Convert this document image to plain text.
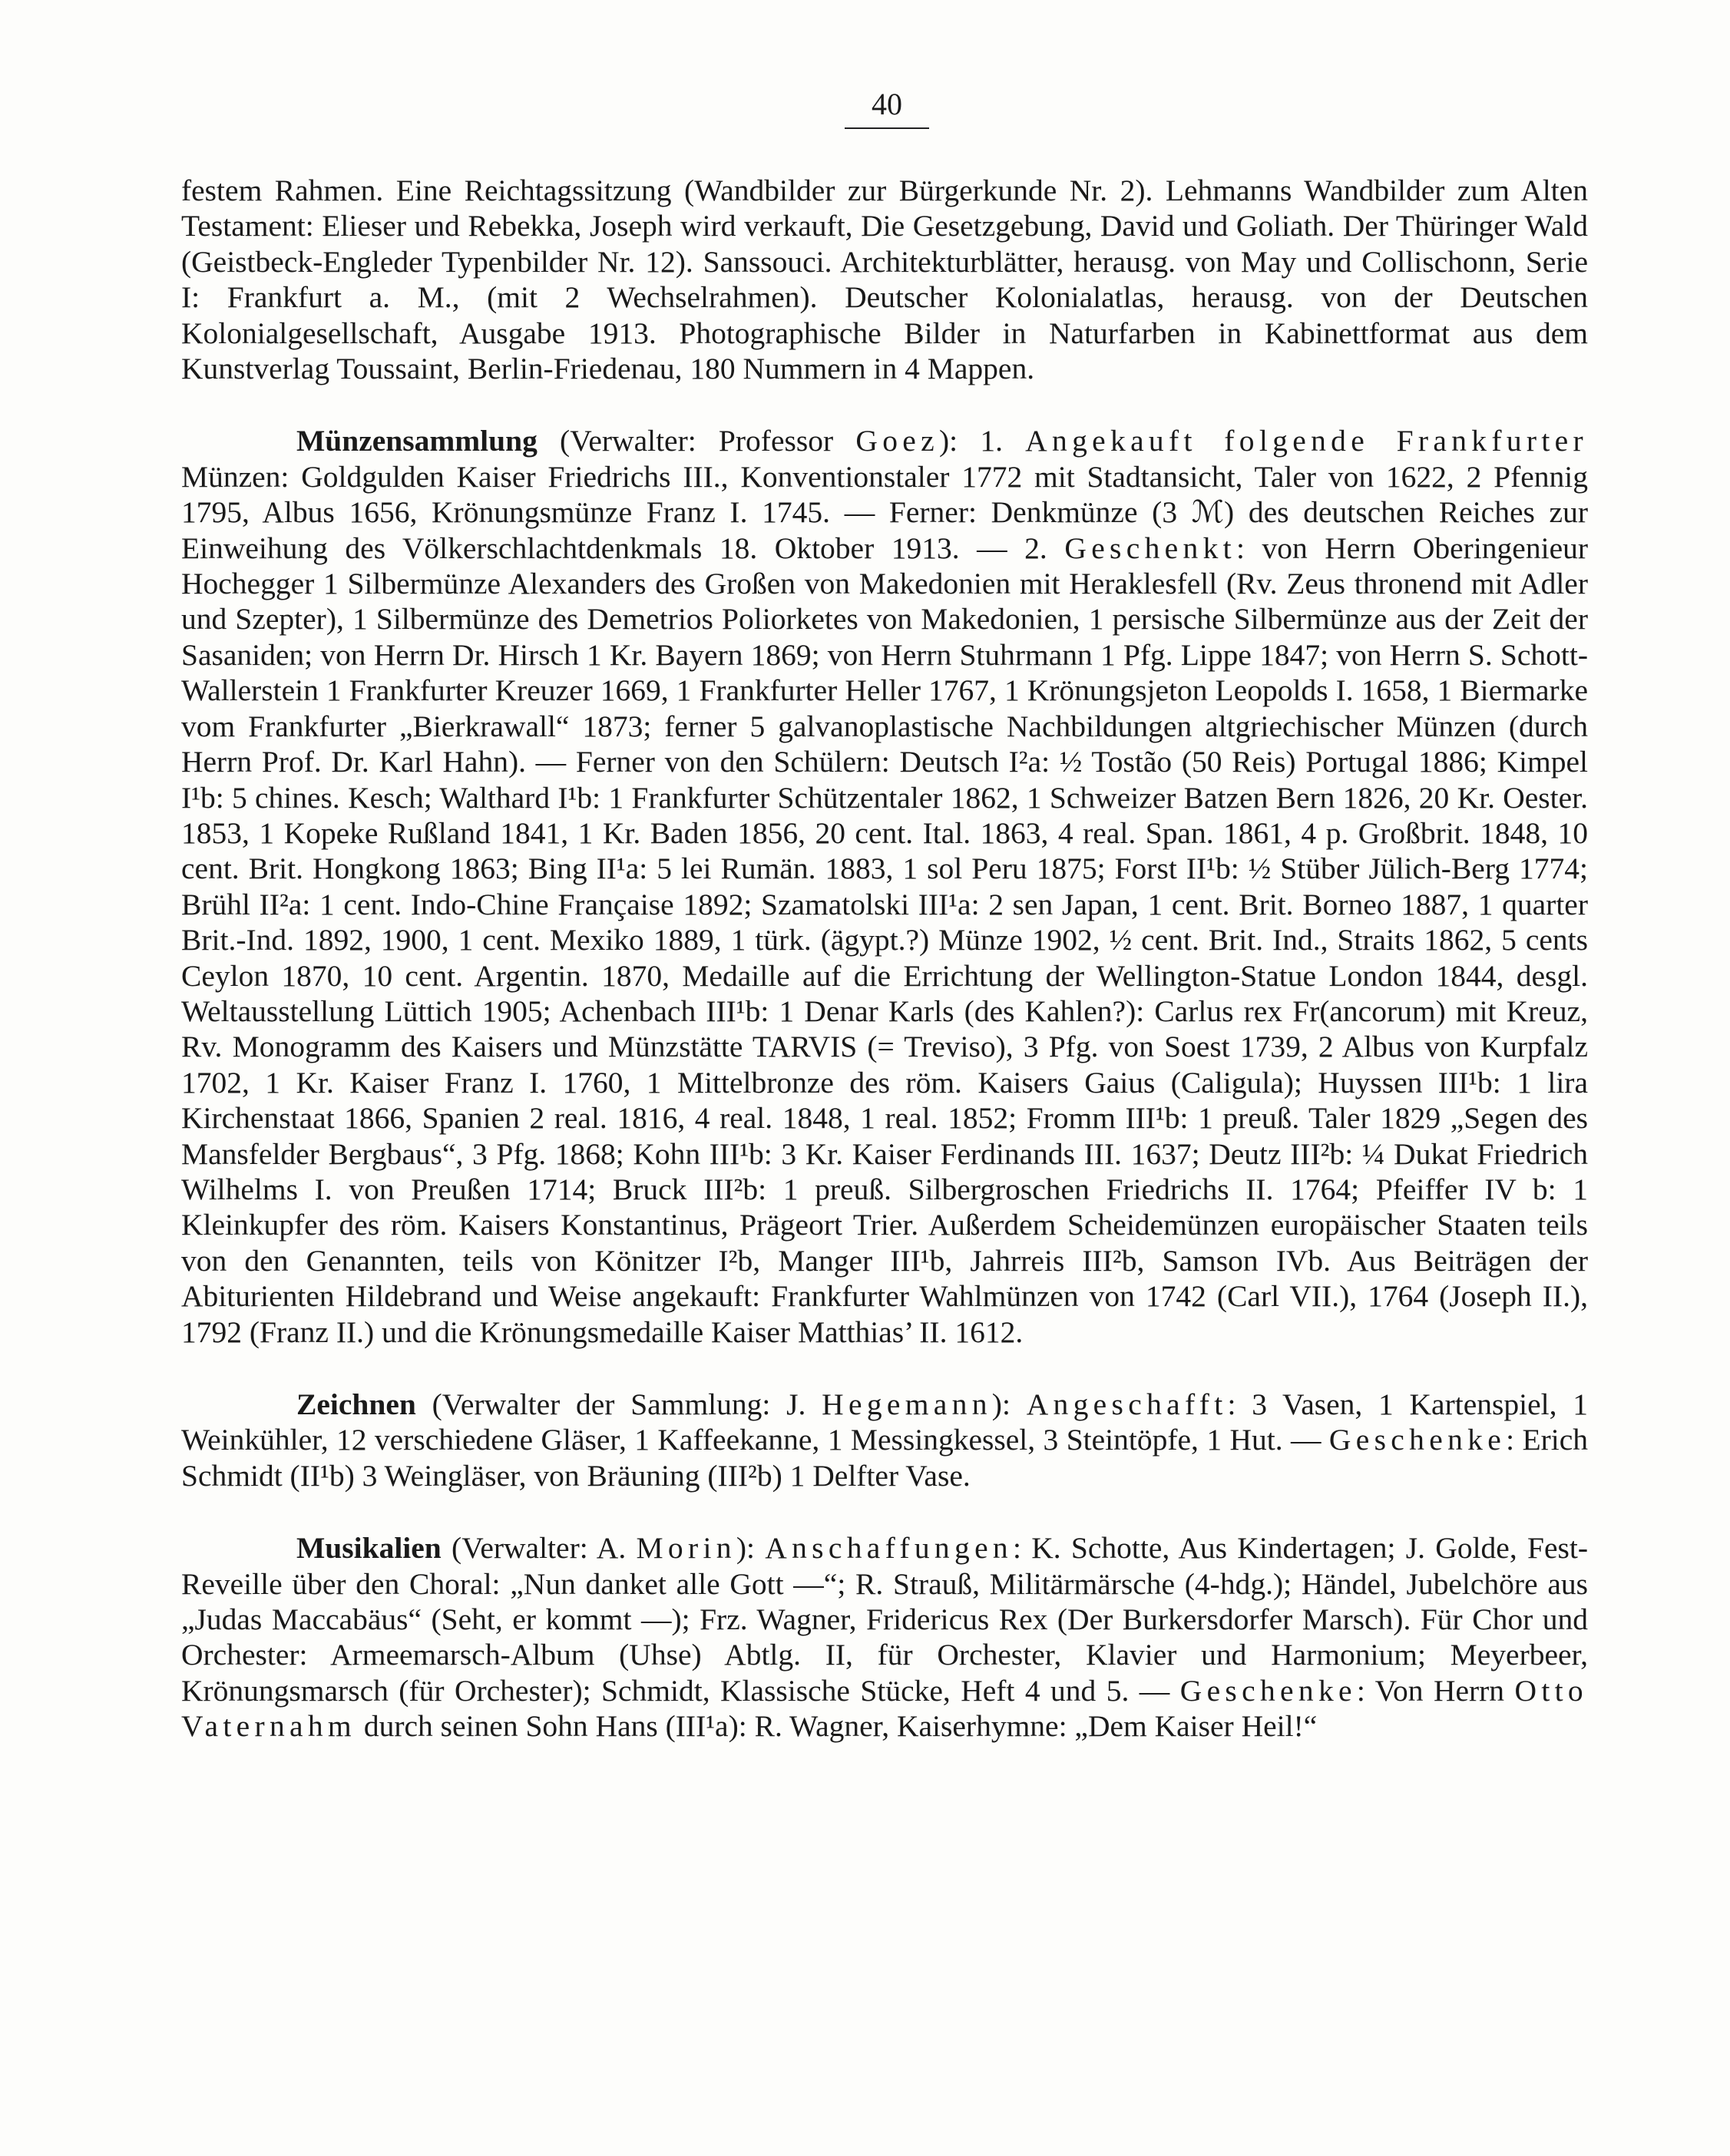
40

festem Rahmen. Eine Reichtagssitzung (Wandbilder zur Bürgerkunde Nr. 2). Lehmanns Wandbilder zum Alten Testament: Elieser und Rebekka, Joseph wird verkauft, Die Gesetzgebung, David und Goliath. Der Thüringer Wald (Geistbeck-Engleder Typenbilder Nr. 12). Sanssouci. Architekturblätter, herausg. von May und Collischonn, Serie I: Frankfurt a. M., (mit 2 Wechselrahmen). Deutscher Kolonialatlas, herausg. von der Deutschen Kolonialgesellschaft, Ausgabe 1913. Photographische Bilder in Naturfarben in Kabinettformat aus dem Kunstverlag Toussaint, Berlin-Friedenau, 180 Nummern in 4 Mappen.

Münzensammlung (Verwalter: Professor Goez): 1. Angekauft folgende Frankfurter Münzen: Goldgulden Kaiser Friedrichs III., Konventionstaler 1772 mit Stadtansicht, Taler von 1622, 2 Pfennig 1795, Albus 1656, Krönungsmünze Franz I. 1745. — Ferner: Denkmünze (3 ℳ) des deutschen Reiches zur Einweihung des Völkerschlachtdenkmals 18. Oktober 1913. — 2. Geschenkt: von Herrn Oberingenieur Hochegger 1 Silbermünze Alexanders des Großen von Makedonien mit Heraklesfell (Rv. Zeus thronend mit Adler und Szepter), 1 Silbermünze des Demetrios Poliorketes von Makedonien, 1 persische Silbermünze aus der Zeit der Sasaniden; von Herrn Dr. Hirsch 1 Kr. Bayern 1869; von Herrn Stuhrmann 1 Pfg. Lippe 1847; von Herrn S. Schott-Wallerstein 1 Frankfurter Kreuzer 1669, 1 Frankfurter Heller 1767, 1 Krönungsjeton Leopolds I. 1658, 1 Biermarke vom Frankfurter „Bierkrawall“ 1873; ferner 5 galvanoplastische Nachbildungen altgriechischer Münzen (durch Herrn Prof. Dr. Karl Hahn). — Ferner von den Schülern: Deutsch I²a: ½ Tostão (50 Reis) Portugal 1886; Kimpel I¹b: 5 chines. Kesch; Walthard I¹b: 1 Frankfurter Schützentaler 1862, 1 Schweizer Batzen Bern 1826, 20 Kr. Oester. 1853, 1 Kopeke Rußland 1841, 1 Kr. Baden 1856, 20 cent. Ital. 1863, 4 real. Span. 1861, 4 p. Großbrit. 1848, 10 cent. Brit. Hongkong 1863; Bing II¹a: 5 lei Rumän. 1883, 1 sol Peru 1875; Forst II¹b: ½ Stüber Jülich-Berg 1774; Brühl II²a: 1 cent. Indo-Chine Française 1892; Szamatolski III¹a: 2 sen Japan, 1 cent. Brit. Borneo 1887, 1 quarter Brit.-Ind. 1892, 1900, 1 cent. Mexiko 1889, 1 türk. (ägypt.?) Münze 1902, ½ cent. Brit. Ind., Straits 1862, 5 cents Ceylon 1870, 10 cent. Argentin. 1870, Medaille auf die Errichtung der Wellington-Statue London 1844, desgl. Weltausstellung Lüttich 1905; Achenbach III¹b: 1 Denar Karls (des Kahlen?): Carlus rex Fr(ancorum) mit Kreuz, Rv. Monogramm des Kaisers und Münzstätte TARVIS (= Treviso), 3 Pfg. von Soest 1739, 2 Albus von Kurpfalz 1702, 1 Kr. Kaiser Franz I. 1760, 1 Mittelbronze des röm. Kaisers Gaius (Caligula); Huyssen III¹b: 1 lira Kirchenstaat 1866, Spanien 2 real. 1816, 4 real. 1848, 1 real. 1852; Fromm III¹b: 1 preuß. Taler 1829 „Segen des Mansfelder Bergbaus“, 3 Pfg. 1868; Kohn III¹b: 3 Kr. Kaiser Ferdinands III. 1637; Deutz III²b: ¼ Dukat Friedrich Wilhelms I. von Preußen 1714; Bruck III²b: 1 preuß. Silbergroschen Friedrichs II. 1764; Pfeiffer IV b: 1 Kleinkupfer des röm. Kaisers Konstantinus, Prägeort Trier. Außerdem Scheidemünzen europäischer Staaten teils von den Genannten, teils von Könitzer I²b, Manger III¹b, Jahrreis III²b, Samson IVb. Aus Beiträgen der Abiturienten Hildebrand und Weise angekauft: Frankfurter Wahlmünzen von 1742 (Carl VII.), 1764 (Joseph II.), 1792 (Franz II.) und die Krönungsmedaille Kaiser Matthias’ II. 1612.

Zeichnen (Verwalter der Sammlung: J. Hegemann): Angeschafft: 3 Vasen, 1 Kartenspiel, 1 Weinkühler, 12 verschiedene Gläser, 1 Kaffeekanne, 1 Messingkessel, 3 Steintöpfe, 1 Hut. — Geschenke: Erich Schmidt (II¹b) 3 Weingläser, von Bräuning (III²b) 1 Delfter Vase.

Musikalien (Verwalter: A. Morin): Anschaffungen: K. Schotte, Aus Kindertagen; J. Golde, Fest-Reveille über den Choral: „Nun danket alle Gott —“; R. Strauß, Militärmärsche (4-hdg.); Händel, Jubelchöre aus „Judas Maccabäus“ (Seht, er kommt —); Frz. Wagner, Fridericus Rex (Der Burkersdorfer Marsch). Für Chor und Orchester: Armeemarsch-Album (Uhse) Abtlg. II, für Orchester, Klavier und Harmonium; Meyerbeer, Krönungsmarsch (für Orchester); Schmidt, Klassische Stücke, Heft 4 und 5. — Geschenke: Von Herrn Otto Vaternahm durch seinen Sohn Hans (III¹a): R. Wagner, Kaiserhymne: „Dem Kaiser Heil!“
